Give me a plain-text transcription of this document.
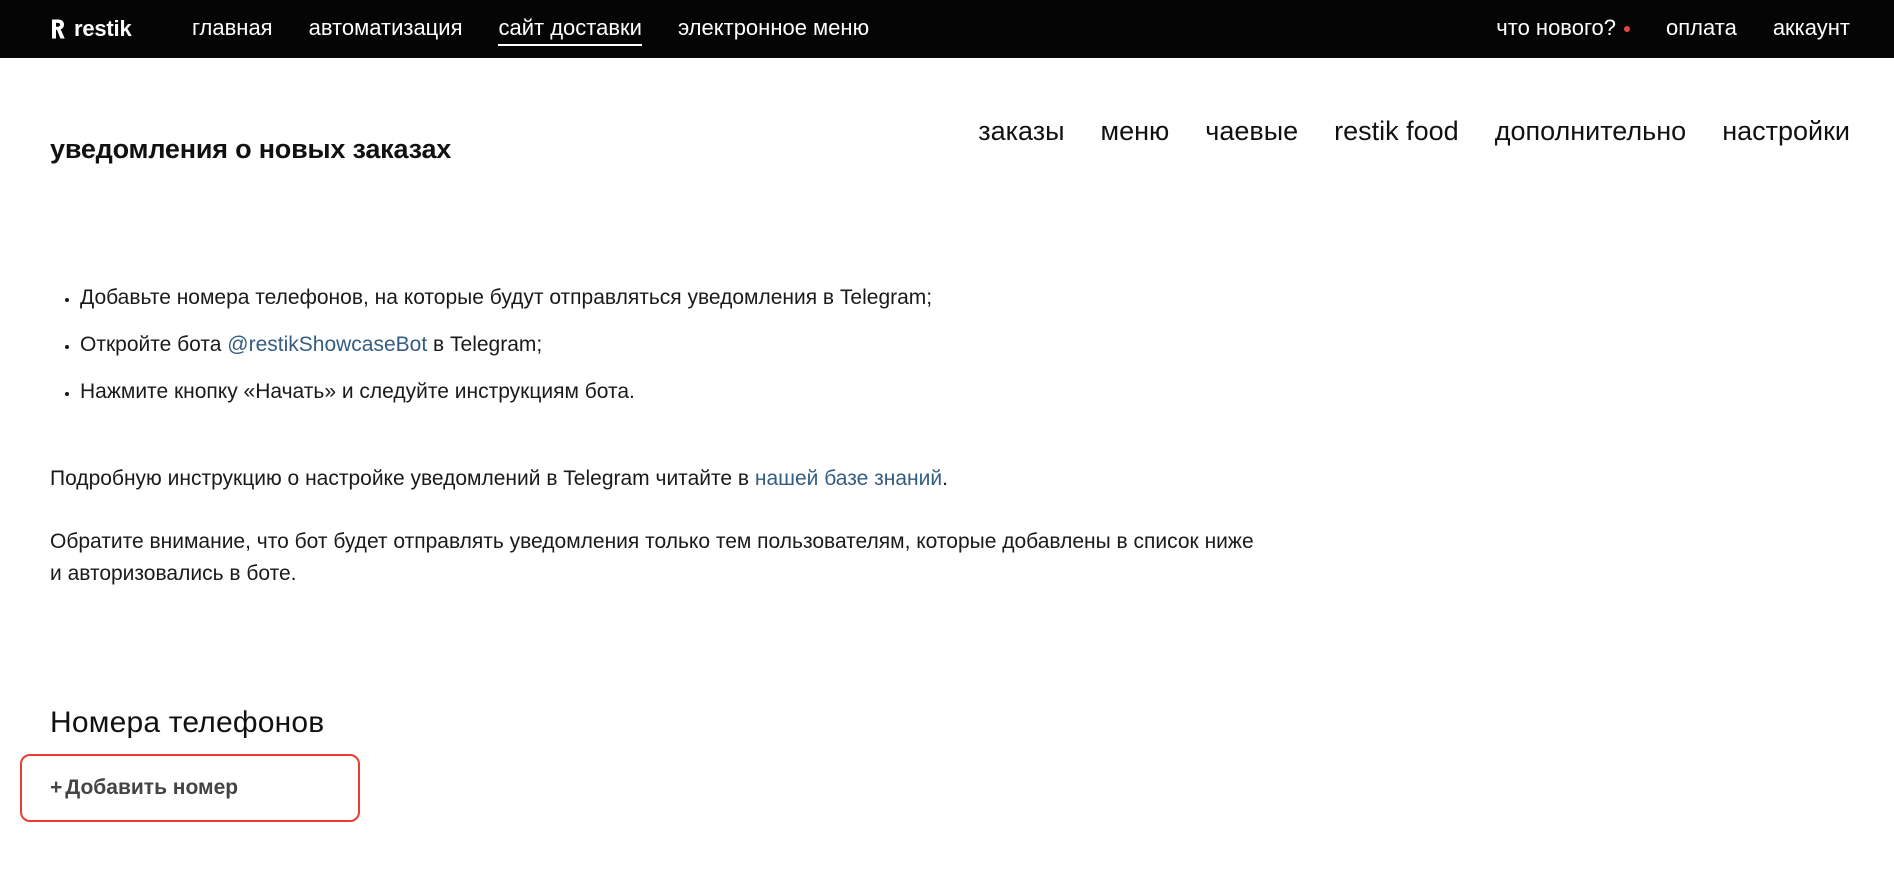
restik	главная автоматизация сайт доставки электронное меню	что нового? оплата аккаунт
уведомления о новых заказах
заказы меню чаевые restik food дополнительно настройки
• Добавьте номера телефонов, на которые будут отправляться уведомления в Telegram;
• Откройте бота @restikShowcaseBot в Telegram;
• Нажмите кнопку «Начать» и следуйте инструкциям бота.

Подробную инструкцию о настройке уведомлений в Telegram читайте в нашей базе знаний.

Обратите внимание, что бот будет отправлять уведомления только тем пользователям, которые добавлены в список ниже и авторизовались в боте.

Номера телефонов
+ Добавить номер
